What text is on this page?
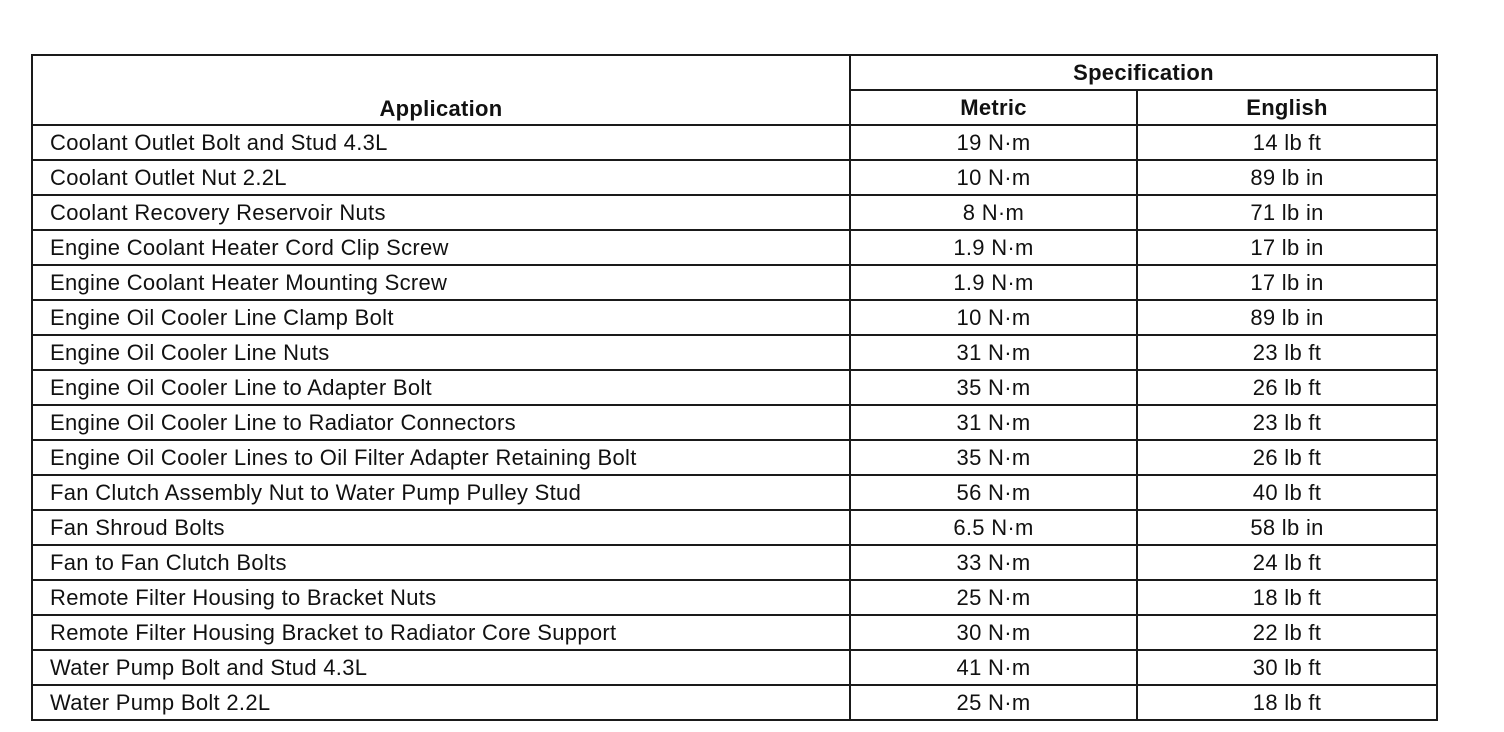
Application	Specification	
	Metric	English
Coolant Outlet Bolt and Stud 4.3L	19 N·m	14 lb ft
Coolant Outlet Nut 2.2L	10 N·m	89 lb in
Coolant Recovery Reservoir Nuts	8 N·m	71 lb in
Engine Coolant Heater Cord Clip Screw	1.9 N·m	17 lb in
Engine Coolant Heater Mounting Screw	1.9 N·m	17 lb in
Engine Oil Cooler Line Clamp Bolt	10 N·m	89 lb in
Engine Oil Cooler Line Nuts	31 N·m	23 lb ft
Engine Oil Cooler Line to Adapter Bolt	35 N·m	26 lb ft
Engine Oil Cooler Line to Radiator Connectors	31 N·m	23 lb ft
Engine Oil Cooler Lines to Oil Filter Adapter Retaining Bolt	35 N·m	26 lb ft
Fan Clutch Assembly Nut to Water Pump Pulley Stud	56 N·m	40 lb ft
Fan Shroud Bolts	6.5 N·m	58 lb in
Fan to Fan Clutch Bolts	33 N·m	24 lb ft
Remote Filter Housing to Bracket Nuts	25 N·m	18 lb ft
Remote Filter Housing Bracket to Radiator Core Support	30 N·m	22 lb ft
Water Pump Bolt and Stud 4.3L	41 N·m	30 lb ft
Water Pump Bolt 2.2L	25 N·m	18 lb ft
